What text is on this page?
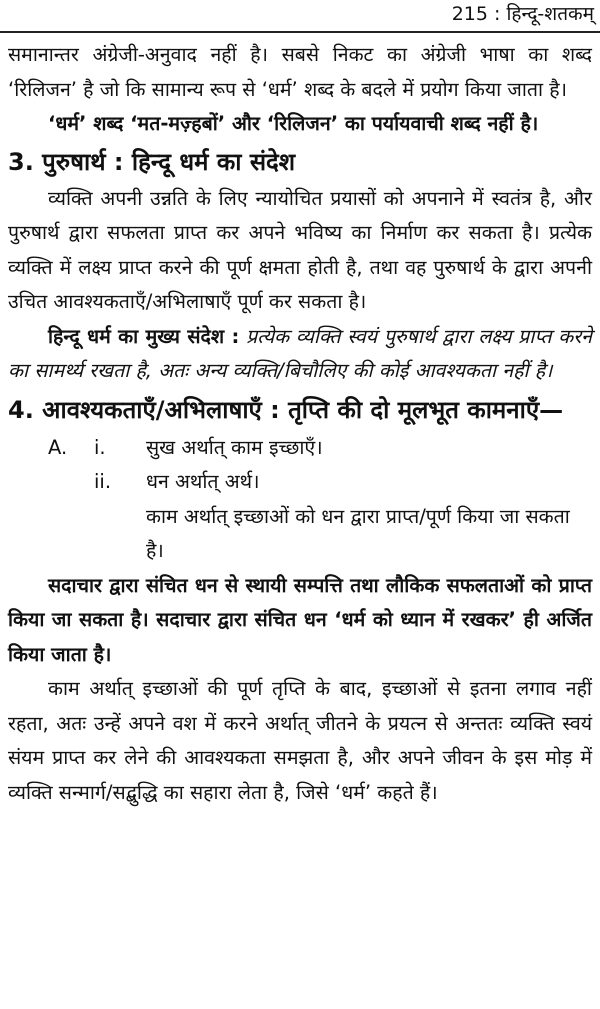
215 : हिन्दू-शतकम्

समानान्तर अंग्रेजी-अनुवाद नहीं है। सबसे निकट का अंग्रेजी भाषा का शब्द ‘रिलिजन’ है जो कि सामान्य रूप से ‘धर्म’ शब्द के बदले में प्रयोग किया जाता है।

‘धर्म’ शब्द ‘मत-मज़्हबों’ और ‘रिलिजन’ का पर्यायवाची शब्द नहीं है।

3. पुरुषार्थ : हिन्दू धर्म का संदेश

व्यक्ति अपनी उन्नति के लिए न्यायोचित प्रयासों को अपनाने में स्वतंत्र है, और पुरुषार्थ द्वारा सफलता प्राप्त कर अपने भविष्य का निर्माण कर सकता है। प्रत्येक व्यक्ति में लक्ष्य प्राप्त करने की पूर्ण क्षमता होती है, तथा वह पुरुषार्थ के द्वारा अपनी उचित आवश्यकताएँ/अभिलाषाएँ पूर्ण कर सकता है।

हिन्दू धर्म का मुख्य संदेश : प्रत्येक व्यक्ति स्वयं पुरुषार्थ द्वारा लक्ष्य प्राप्त करने का सामर्थ्य रखता है, अतः अन्य व्यक्ति/बिचौलिए की कोई आवश्यकता नहीं है।

4. आवश्यकताएँ/अभिलाषाएँ : तृप्ति की दो मूलभूत कामनाएँ—
A.	i.	सुख अर्थात् काम इच्छाएँ।
ii.	धन अर्थात् अर्थ।
काम अर्थात् इच्छाओं को धन द्वारा प्राप्त/पूर्ण किया जा सकता है।

सदाचार द्वारा संचित धन से स्थायी सम्पत्ति तथा लौकिक सफलताओं को प्राप्त किया जा सकता है। सदाचार द्वारा संचित धन ‘धर्म को ध्यान में रखकर’ ही अर्जित किया जाता है।

काम अर्थात् इच्छाओं की पूर्ण तृप्ति के बाद, इच्छाओं से इतना लगाव नहीं रहता, अतः उन्हें अपने वश में करने अर्थात् जीतने के प्रयत्न से अन्ततः व्यक्ति स्वयं संयम प्राप्त कर लेने की आवश्यकता समझता है, और अपने जीवन के इस मोड़ में व्यक्ति सन्मार्ग/सद्बुद्धि का सहारा लेता है, जिसे ‘धर्म’ कहते हैं।
